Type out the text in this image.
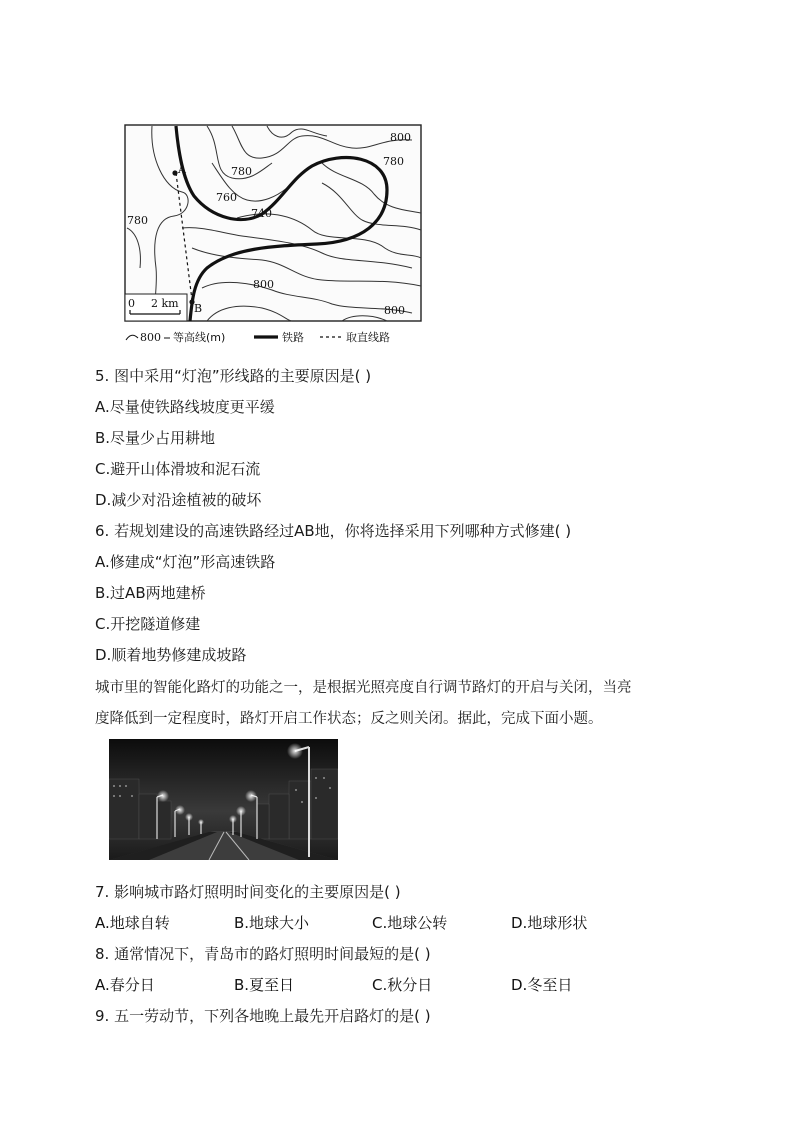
A
B
800
780
780
760
740
780
800
800
0 2 km
800 等高线(m)	铁路	取直线路
5. 图中采用“灯泡”形线路的主要原因是( )
A.尽量使铁路线坡度更平缓
B.尽量少占用耕地
C.避开山体滑坡和泥石流
D.减少对沿途植被的破坏
6. 若规划建设的高速铁路经过AB地，你将选择采用下列哪种方式修建( )
A.修建成“灯泡”形高速铁路
B.过AB两地建桥
C.开挖隧道修建
D.顺着地势修建成坡路
城市里的智能化路灯的功能之一，是根据光照亮度自行调节路灯的开启与关闭，当亮
度降低到一定程度时，路灯开启工作状态；反之则关闭。据此，完成下面小题。
7. 影响城市路灯照明时间变化的主要原因是( )
A.地球自转	B.地球大小	C.地球公转	D.地球形状
8. 通常情况下，青岛市的路灯照明时间最短的是( )
A.春分日	B.夏至日	C.秋分日	D.冬至日
9. 五一劳动节，下列各地晚上最先开启路灯的是( )
